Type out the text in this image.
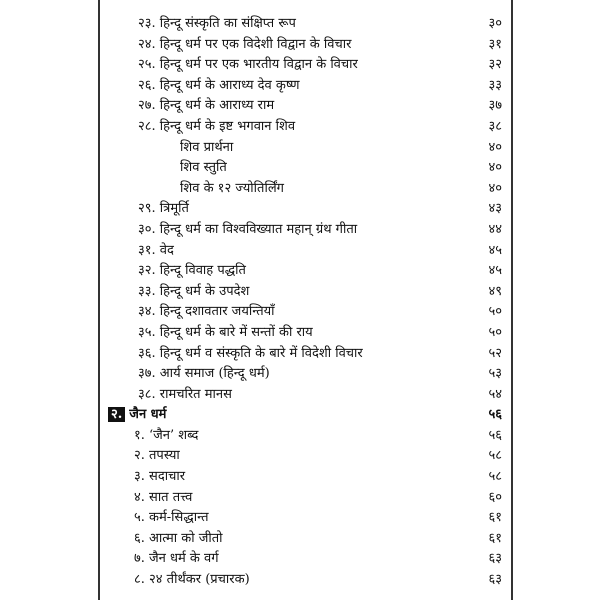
२३. हिन्दू संस्कृति का संक्षिप्त रूप	३०
२४. हिन्दू धर्म पर एक विदेशी विद्वान के विचार	३१
२५. हिन्दू धर्म पर एक भारतीय विद्वान के विचार	३२
२६. हिन्दू धर्म के आराध्य देव कृष्ण	३३
२७. हिन्दू धर्म के आराध्य राम	३७
२८. हिन्दू धर्म के इष्ट भगवान शिव	३८
शिव प्रार्थना	४०
शिव स्तुति	४०
शिव के १२ ज्योतिर्लिंग	४०
२९. त्रिमूर्ति	४३
३०. हिन्दू धर्म का विश्वविख्यात महान् ग्रंथ गीता	४४
३१. वेद	४५
३२. हिन्दू विवाह पद्धति	४५
३३. हिन्दू धर्म के उपदेश	४९
३४. हिन्दू दशावतार जयन्तियाँ	५०
३५. हिन्दू धर्म के बारे में सन्तों की राय	५०
३६. हिन्दू धर्म व संस्कृति के बारे में विदेशी विचार	५२
३७. आर्य समाज (हिन्दू धर्म)	५३
३८. रामचरित मानस	५४
२. जैन धर्म	५६
१. ‘जैन’ शब्द	५६
२. तपस्या	५८
३. सदाचार	५८
४. सात तत्त्व	६०
५. कर्म-सिद्धान्त	६१
६. आत्मा को जीतो	६१
७. जैन धर्म के वर्ग	६३
८. २४ तीर्थंकर (प्रचारक)	६३
